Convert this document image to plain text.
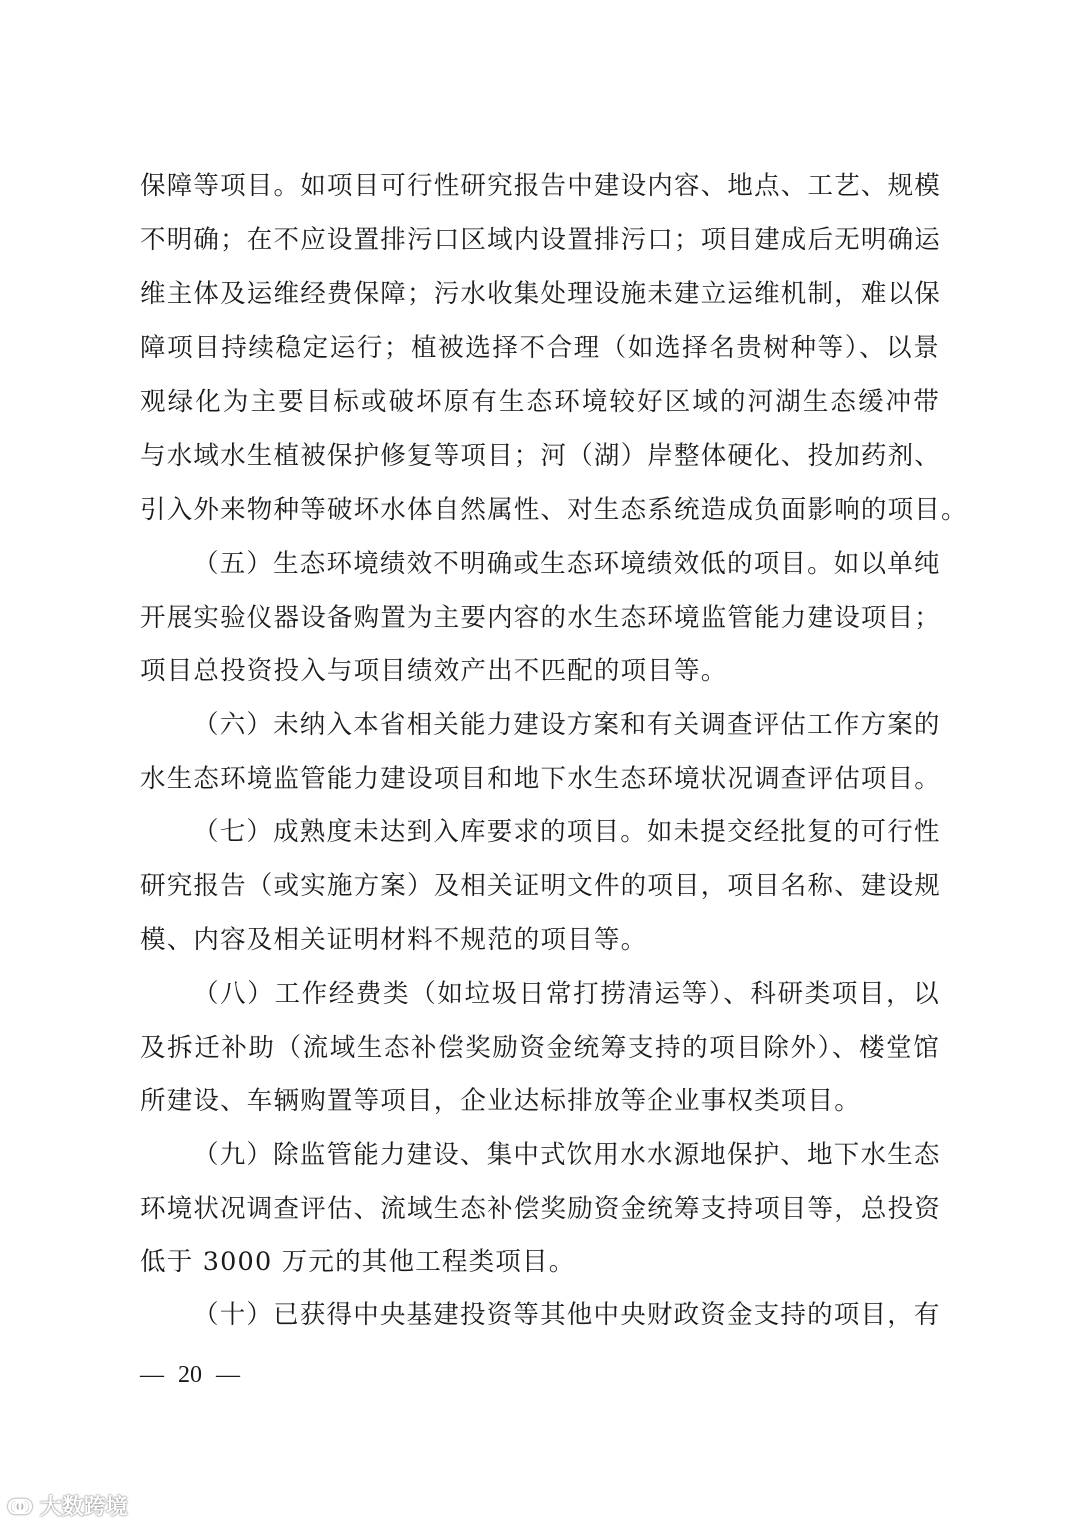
保障等项目。如项目可行性研究报告中建设内容、地点、工艺、规模
不明确；在不应设置排污口区域内设置排污口；项目建成后无明确运
维主体及运维经费保障；污水收集处理设施未建立运维机制，难以保
障项目持续稳定运行；植被选择不合理（如选择名贵树种等）、以景
观绿化为主要目标或破坏原有生态环境较好区域的河湖生态缓冲带
与水域水生植被保护修复等项目；河（湖）岸整体硬化、投加药剂、
引入外来物种等破坏水体自然属性、对生态系统造成负面影响的项目。
（五）生态环境绩效不明确或生态环境绩效低的项目。如以单纯
开展实验仪器设备购置为主要内容的水生态环境监管能力建设项目；
项目总投资投入与项目绩效产出不匹配的项目等。
（六）未纳入本省相关能力建设方案和有关调查评估工作方案的
水生态环境监管能力建设项目和地下水生态环境状况调查评估项目。
（七）成熟度未达到入库要求的项目。如未提交经批复的可行性
研究报告（或实施方案）及相关证明文件的项目，项目名称、建设规
模、内容及相关证明材料不规范的项目等。
（八）工作经费类（如垃圾日常打捞清运等）、科研类项目，以
及拆迁补助（流域生态补偿奖励资金统筹支持的项目除外）、楼堂馆
所建设、车辆购置等项目，企业达标排放等企业事权类项目。
（九）除监管能力建设、集中式饮用水水源地保护、地下水生态
环境状况调查评估、流域生态补偿奖励资金统筹支持项目等，总投资
低于 3000 万元的其他工程类项目。
（十）已获得中央基建投资等其他中央财政资金支持的项目，有
— 20 —
ↈ 大数跨境
